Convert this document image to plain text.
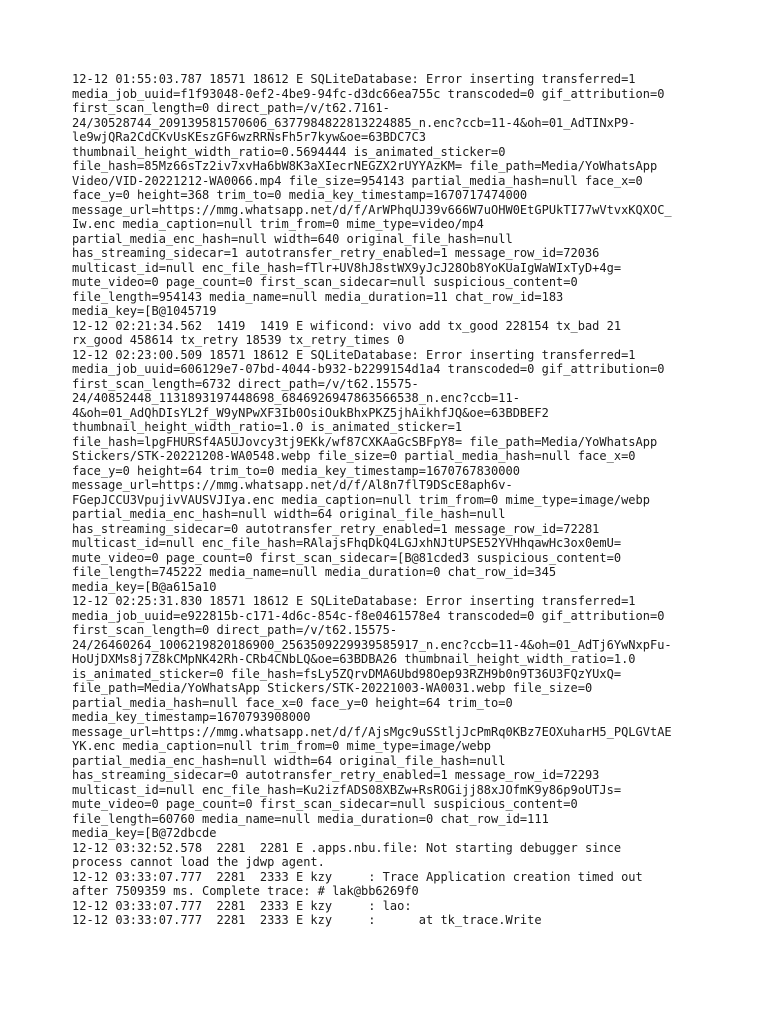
12-12 01:55:03.787 18571 18612 E SQLiteDatabase: Error inserting transferred=1
media_job_uuid=f1f93048-0ef2-4be9-94fc-d3dc66ea755c transcoded=0 gif_attribution=0
first_scan_length=0 direct_path=/v/t62.7161-
24/30528744_209139581570606_6377984822813224885_n.enc?ccb=11-4&oh=01_AdTINxP9-
le9wjQRa2CdCKvUsKEszGF6wzRRNsFh5r7kyw&oe=63BDC7C3
thumbnail_height_width_ratio=0.5694444 is_animated_sticker=0
file_hash=85Mz66sTz2iv7xvHa6bW8K3aXIecrNEGZX2rUYYAzKM= file_path=Media/YoWhatsApp
Video/VID-20221212-WA0066.mp4 file_size=954143 partial_media_hash=null face_x=0
face_y=0 height=368 trim_to=0 media_key_timestamp=1670717474000
message_url=https://mmg.whatsapp.net/d/f/ArWPhqUJ39v666W7uOHW0EtGPUkTI77wVtvxKQXOC_
Iw.enc media_caption=null trim_from=0 mime_type=video/mp4
partial_media_enc_hash=null width=640 original_file_hash=null
has_streaming_sidecar=1 autotransfer_retry_enabled=1 message_row_id=72036
multicast_id=null enc_file_hash=fTlr+UV8hJ8stWX9yJcJ28Ob8YoKUaIgWaWIxTyD+4g=
mute_video=0 page_count=0 first_scan_sidecar=null suspicious_content=0
file_length=954143 media_name=null media_duration=11 chat_row_id=183
media_key=[B@1045719
12-12 02:21:34.562  1419  1419 E wificond: vivo add tx_good 228154 tx_bad 21
rx_good 458614 tx_retry 18539 tx_retry_times 0
12-12 02:23:00.509 18571 18612 E SQLiteDatabase: Error inserting transferred=1
media_job_uuid=606129e7-07bd-4044-b932-b2299154d1a4 transcoded=0 gif_attribution=0
first_scan_length=6732 direct_path=/v/t62.15575-
24/40852448_1131893197448698_6846926947863566538_n.enc?ccb=11-
4&oh=01_AdQhDIsYL2f_W9yNPwXF3Ib0OsiOukBhxPKZ5jhAikhfJQ&oe=63BDBEF2
thumbnail_height_width_ratio=1.0 is_animated_sticker=1
file_hash=lpgFHURSf4A5UJovcy3tj9EKk/wf87CXKAaGcSBFpY8= file_path=Media/YoWhatsApp
Stickers/STK-20221208-WA0548.webp file_size=0 partial_media_hash=null face_x=0
face_y=0 height=64 trim_to=0 media_key_timestamp=1670767830000
message_url=https://mmg.whatsapp.net/d/f/Al8n7flT9DScE8aph6v-
FGepJCCU3VpujivVAUSVJIya.enc media_caption=null trim_from=0 mime_type=image/webp
partial_media_enc_hash=null width=64 original_file_hash=null
has_streaming_sidecar=0 autotransfer_retry_enabled=1 message_row_id=72281
multicast_id=null enc_file_hash=RAlajsFhqDkQ4LGJxhNJtUPSE52YVHhqawHc3ox0emU=
mute_video=0 page_count=0 first_scan_sidecar=[B@81cded3 suspicious_content=0
file_length=745222 media_name=null media_duration=0 chat_row_id=345
media_key=[B@a615a10
12-12 02:25:31.830 18571 18612 E SQLiteDatabase: Error inserting transferred=1
media_job_uuid=e922815b-c171-4d6c-854c-f8e0461578e4 transcoded=0 gif_attribution=0
first_scan_length=0 direct_path=/v/t62.15575-
24/26460264_1006219820186900_2563509229939585917_n.enc?ccb=11-4&oh=01_AdTj6YwNxpFu-
HoUjDXMs8j7Z8kCMpNK42Rh-CRb4CNbLQ&oe=63BDBA26 thumbnail_height_width_ratio=1.0
is_animated_sticker=0 file_hash=fsLy5ZQrvDMA6Ubd98Oep93RZH9b0n9T36U3FQzYUxQ=
file_path=Media/YoWhatsApp Stickers/STK-20221003-WA0031.webp file_size=0
partial_media_hash=null face_x=0 face_y=0 height=64 trim_to=0
media_key_timestamp=1670793908000
message_url=https://mmg.whatsapp.net/d/f/AjsMgc9uSStljJcPmRq0KBz7EOXuharH5_PQLGVtAE
YK.enc media_caption=null trim_from=0 mime_type=image/webp
partial_media_enc_hash=null width=64 original_file_hash=null
has_streaming_sidecar=0 autotransfer_retry_enabled=1 message_row_id=72293
multicast_id=null enc_file_hash=Ku2izfADS08XBZw+RsROGijj88xJOfmK9y86p9oUTJs=
mute_video=0 page_count=0 first_scan_sidecar=null suspicious_content=0
file_length=60760 media_name=null media_duration=0 chat_row_id=111
media_key=[B@72dbcde
12-12 03:32:52.578  2281  2281 E .apps.nbu.file: Not starting debugger since
process cannot load the jdwp agent.
12-12 03:33:07.777  2281  2333 E kzy     : Trace Application creation timed out
after 7509359 ms. Complete trace: # lak@bb6269f0
12-12 03:33:07.777  2281  2333 E kzy     : lao:
12-12 03:33:07.777  2281  2333 E kzy     :      at tk_trace.Write
